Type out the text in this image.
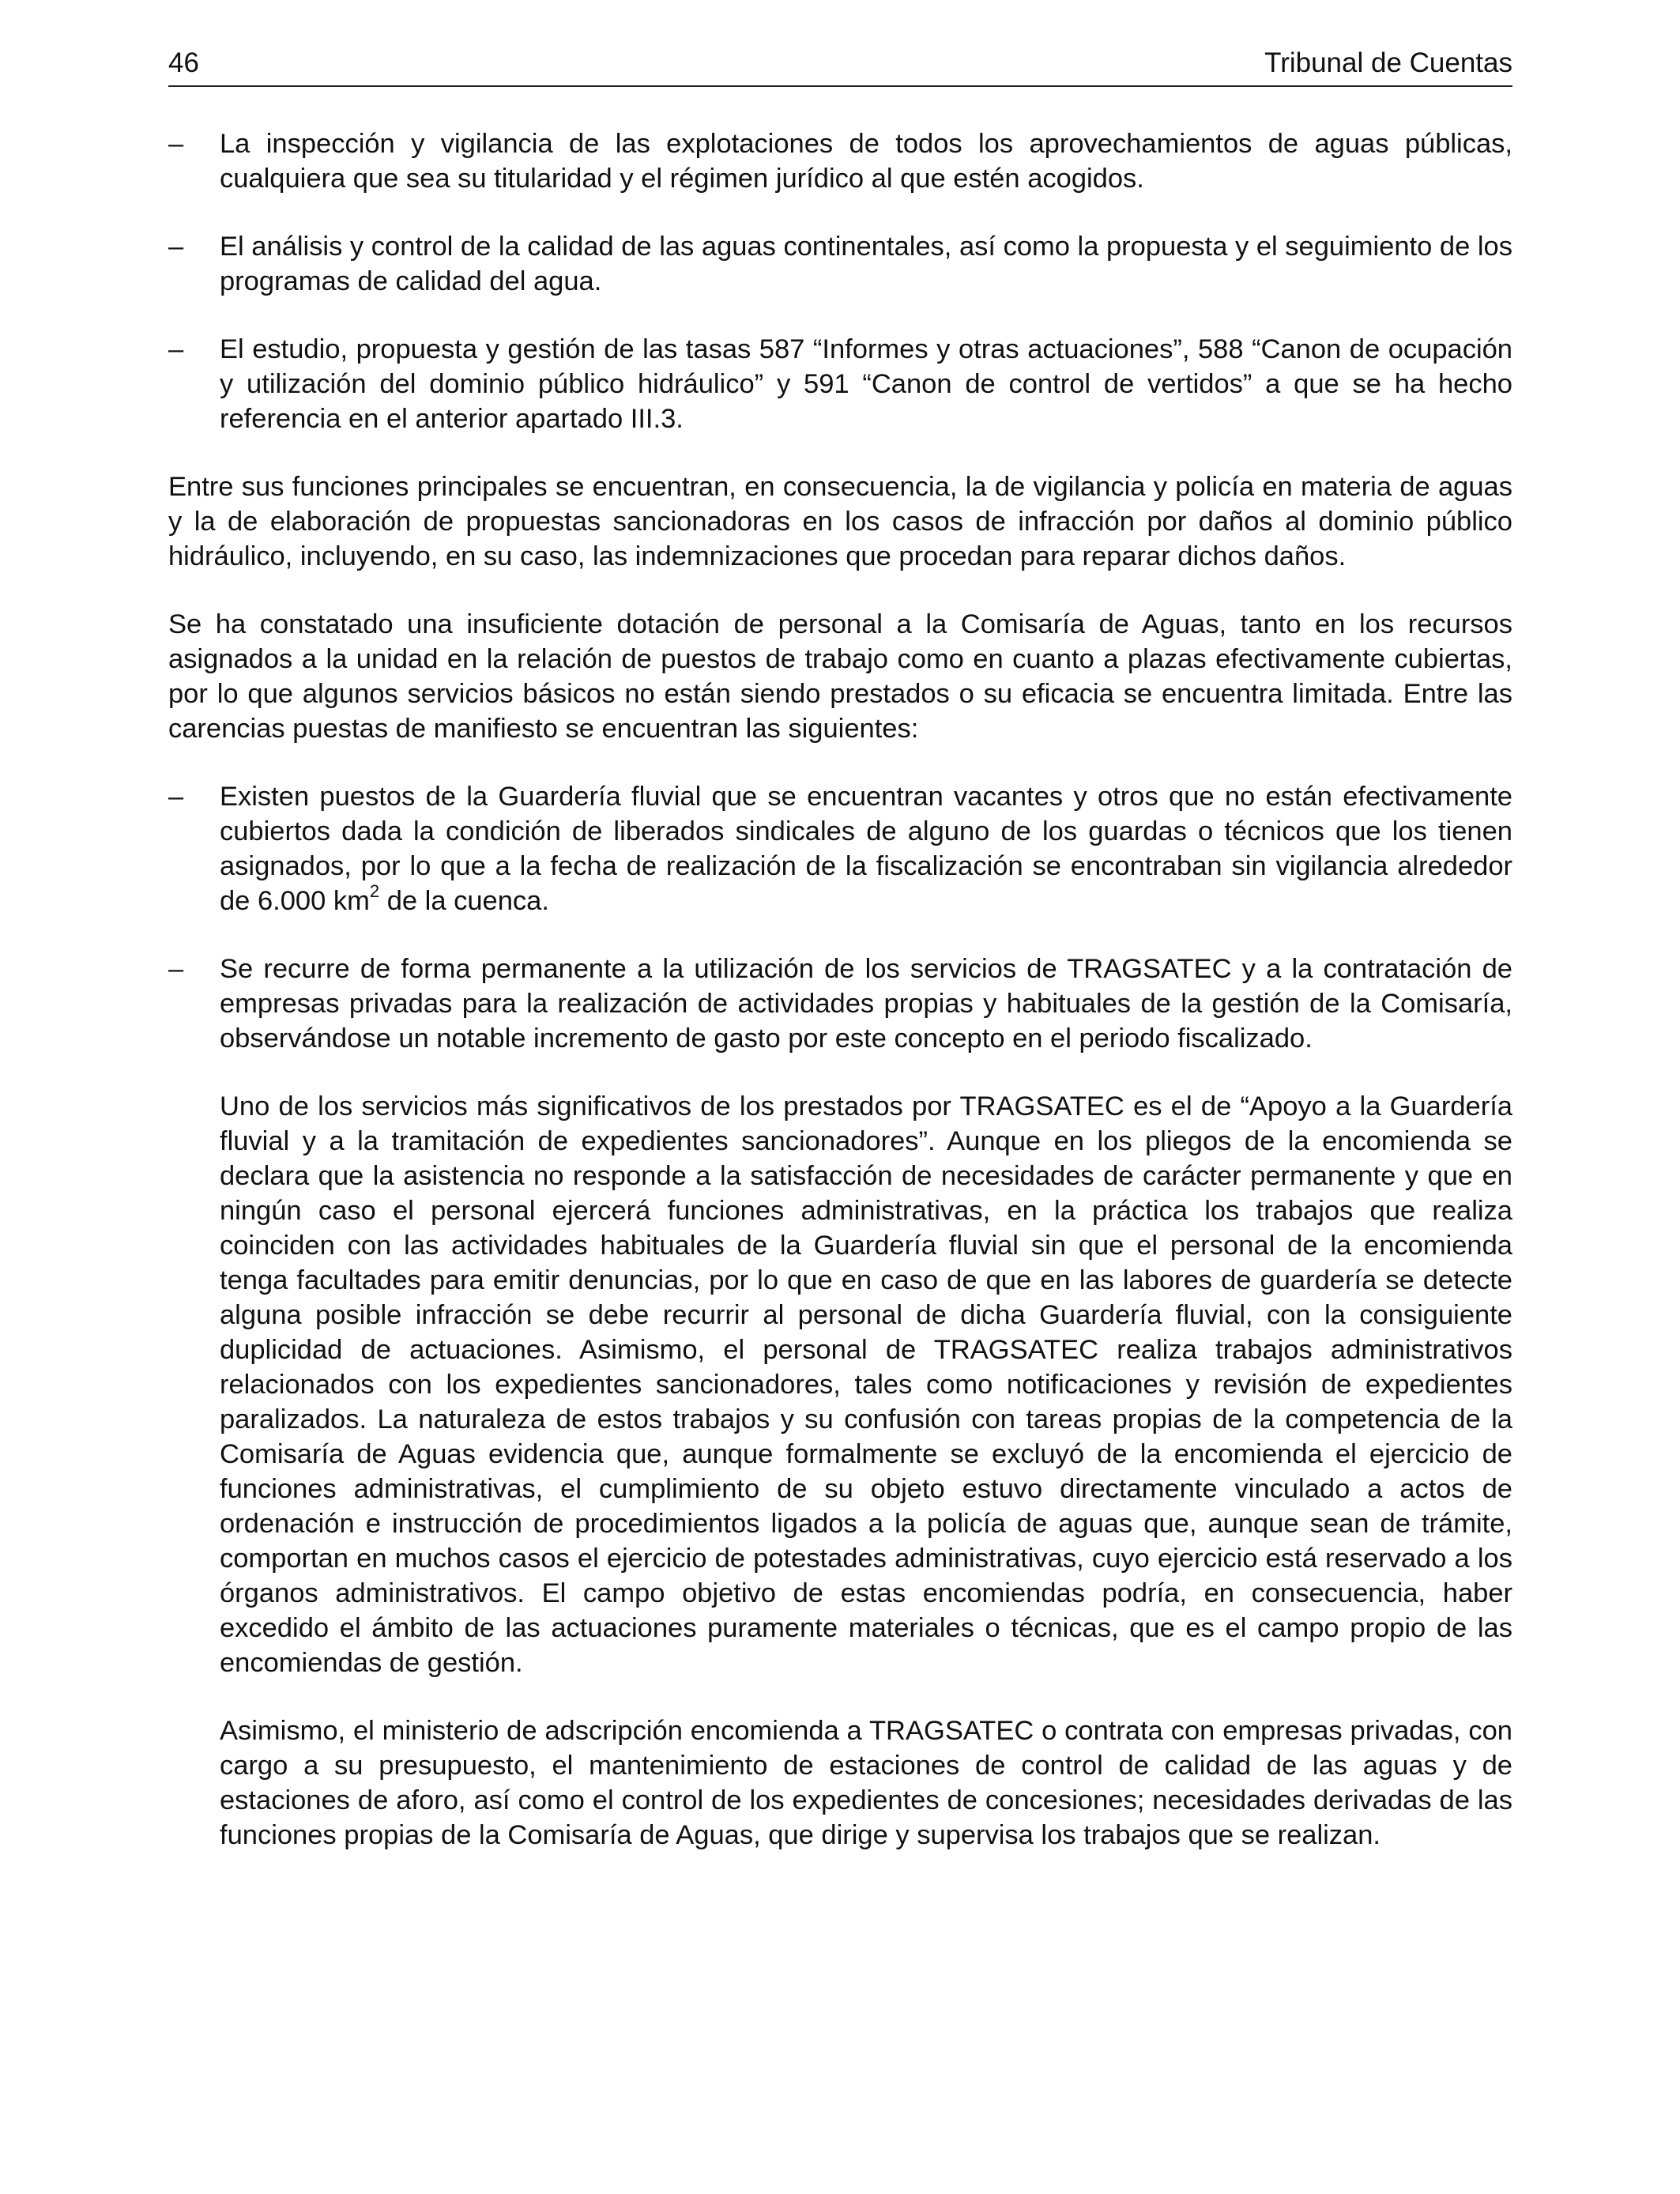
46	Tribunal de Cuentas
– La inspección y vigilancia de las explotaciones de todos los aprovechamientos de aguas públicas, cualquiera que sea su titularidad y el régimen jurídico al que estén acogidos.
– El análisis y control de la calidad de las aguas continentales, así como la propuesta y el seguimiento de los programas de calidad del agua.
– El estudio, propuesta y gestión de las tasas 587 “Informes y otras actuaciones”, 588 “Canon de ocupación y utilización del dominio público hidráulico” y 591 “Canon de control de vertidos” a que se ha hecho referencia en el anterior apartado III.3.
Entre sus funciones principales se encuentran, en consecuencia, la de vigilancia y policía en materia de aguas y la de elaboración de propuestas sancionadoras en los casos de infracción por daños al dominio público hidráulico, incluyendo, en su caso, las indemnizaciones que procedan para reparar dichos daños.
Se ha constatado una insuficiente dotación de personal a la Comisaría de Aguas, tanto en los recursos asignados a la unidad en la relación de puestos de trabajo como en cuanto a plazas efectivamente cubiertas, por lo que algunos servicios básicos no están siendo prestados o su eficacia se encuentra limitada. Entre las carencias puestas de manifiesto se encuentran las siguientes:
– Existen puestos de la Guardería fluvial que se encuentran vacantes y otros que no están efectivamente cubiertos dada la condición de liberados sindicales de alguno de los guardas o técnicos que los tienen asignados, por lo que a la fecha de realización de la fiscalización se encontraban sin vigilancia alrededor de 6.000 $km^2$ de la cuenca.
– Se recurre de forma permanente a la utilización de los servicios de TRAGSATEC y a la contratación de empresas privadas para la realización de actividades propias y habituales de la gestión de la Comisaría, observándose un notable incremento de gasto por este concepto en el periodo fiscalizado.
Uno de los servicios más significativos de los prestados por TRAGSATEC es el de “Apoyo a la Guardería fluvial y a la tramitación de expedientes sancionadores”. Aunque en los pliegos de la encomienda se declara que la asistencia no responde a la satisfacción de necesidades de carácter permanente y que en ningún caso el personal ejercerá funciones administrativas, en la práctica los trabajos que realiza coinciden con las actividades habituales de la Guardería fluvial sin que el personal de la encomienda tenga facultades para emitir denuncias, por lo que en caso de que en las labores de guardería se detecte alguna posible infracción se debe recurrir al personal de dicha Guardería fluvial, con la consiguiente duplicidad de actuaciones. Asimismo, el personal de TRAGSATEC realiza trabajos administrativos relacionados con los expedientes sancionadores, tales como notificaciones y revisión de expedientes paralizados. La naturaleza de estos trabajos y su confusión con tareas propias de la competencia de la Comisaría de Aguas evidencia que, aunque formalmente se excluyó de la encomienda el ejercicio de funciones administrativas, el cumplimiento de su objeto estuvo directamente vinculado a actos de ordenación e instrucción de procedimientos ligados a la policía de aguas que, aunque sean de trámite, comportan en muchos casos el ejercicio de potestades administrativas, cuyo ejercicio está reservado a los órganos administrativos. El campo objetivo de estas encomiendas podría, en consecuencia, haber excedido el ámbito de las actuaciones puramente materiales o técnicas, que es el campo propio de las encomiendas de gestión.
Asimismo, el ministerio de adscripción encomienda a TRAGSATEC o contrata con empresas privadas, con cargo a su presupuesto, el mantenimiento de estaciones de control de calidad de las aguas y de estaciones de aforo, así como el control de los expedientes de concesiones; necesidades derivadas de las funciones propias de la Comisaría de Aguas, que dirige y supervisa los trabajos que se realizan.
